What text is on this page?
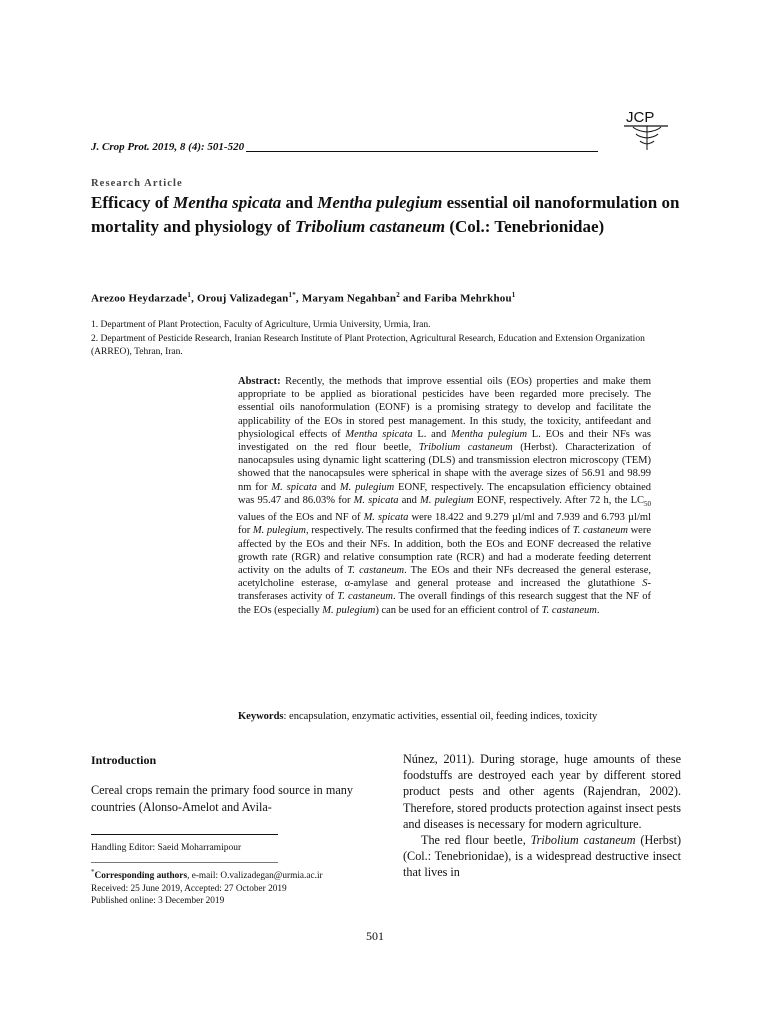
J. Crop Prot. 2019, 8 (4): 501-520
JCP
Research Article
Efficacy of Mentha spicata and Mentha pulegium essential oil nanoformulation on mortality and physiology of Tribolium castaneum (Col.: Tenebrionidae)
Arezoo Heydarzade$^1$, Orouj Valizadegan$^{1*}$, Maryam Negahban$^2$ and Fariba Mehrkhou$^1$
1. Department of Plant Protection, Faculty of Agriculture, Urmia University, Urmia, Iran.
2. Department of Pesticide Research, Iranian Research Institute of Plant Protection, Agricultural Research, Education and Extension Organization (ARREO), Tehran, Iran.
Abstract: Recently, the methods that improve essential oils (EOs) properties and make them appropriate to be applied as biorational pesticides have been regarded more precisely. The essential oils nanoformulation (EONF) is a promising strategy to develop and facilitate the applicability of the EOs in stored pest management. In this study, the toxicity, antifeedant and physiological effects of Mentha spicata L. and Mentha pulegium L. EOs and their NFs was investigated on the red flour beetle, Tribolium castaneum (Herbst). Characterization of nanocapsules using dynamic light scattering (DLS) and transmission electron microscopy (TEM) showed that the nanocapsules were spherical in shape with the average sizes of 56.91 and 98.99 nm for M. spicata and M. pulegium EONF, respectively. The encapsulation efficiency obtained was 95.47 and 86.03% for M. spicata and M. pulegium EONF, respectively. After 72 h, the $LC_{50}$ values of the EOs and NF of M. spicata were 18.422 and 9.279 µl/ml and 7.939 and 6.793 µl/ml for M. pulegium, respectively. The results confirmed that the feeding indices of T. castaneum were affected by the EOs and their NFs. In addition, both the EOs and EONF decreased the relative growth rate (RGR) and relative consumption rate (RCR) and had a moderate feeding deterrent activity on the adults of T. castaneum. The EOs and their NFs decreased the general esterase, acetylcholine esterase, α-amylase and general protease and increased the glutathione S-transferases activity of T. castaneum. The overall findings of this research suggest that the NF of the EOs (especially M. pulegium) can be used for an efficient control of T. castaneum.
Keywords: encapsulation, enzymatic activities, essential oil, feeding indices, toxicity
Introduction
Cereal crops remain the primary food source in many countries (Alonso-Amelot and Avila-
Handling Editor: Saeid Moharramipour
*Corresponding authors, e-mail: O.valizadegan@urmia.ac.ir
Received: 25 June 2019, Accepted: 27 October 2019
Published online: 3 December 2019
Núnez, 2011). During storage, huge amounts of these foodstuffs are destroyed each year by different stored product pests and other agents (Rajendran, 2002). Therefore, stored products protection against insect pests and diseases is necessary for modern agriculture.
The red flour beetle, Tribolium castaneum (Herbst) (Col.: Tenebrionidae), is a widespread destructive insect that lives in
501
